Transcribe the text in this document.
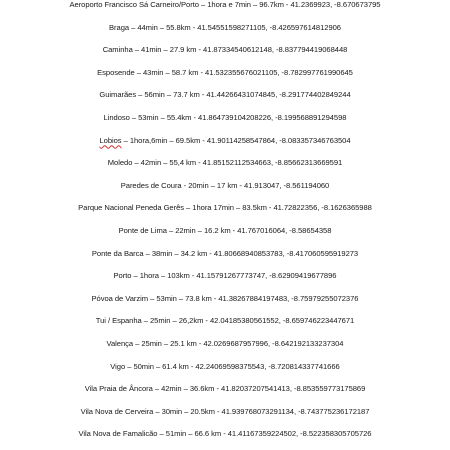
Aeroporto Francisco Sá Carneiro/Porto – 1hora e 7min – 96.7km - 41.2369923, -8.670673795
Braga – 44min – 55.8km - 41.54551598271105, -8.426597614812906
Caminha – 41min – 27.9 km - 41.87334540612148, -8.837794419068448
Esposende – 43min – 58.7 km - 41.532355676021105, -8.782997761990645
Guimarães – 56min – 73.7 km - 41.44266431074845, -8.291774402849244
Lindoso – 53min – 55.4km - 41.864739104208226, -8.199568891294598
Lobios – 1hora,6min – 69.5km - 41.90114258547864, -8.083357346763504
Moledo – 42min – 55,4 km - 41.85152112534663, -8.85662313669591
Paredes de Coura - 20min – 17 km - 41.913047, -8.561194060
Parque Nacional Peneda Gerês – 1hora 17min – 83.5km - 41.72822356, -8.1626365988
Ponte de Lima – 22min – 16.2 km - 41.767016064, -8.58654358
Ponte da Barca – 38min – 34.2 km - 41.80668940853783, -8.417060595919273
Porto – 1hora – 103km - 41.15791267773747, -8.62909419677896
Póvoa de Varzim – 53min – 73.8 km - 41.38267884197483, -8.75979255072376
Tui / Espanha – 25min – 26,2km - 42.04185380561552, -8.659746223447671
Valença – 25min – 25.1 km - 42.0269687957996, -8.642192133237304
Vigo – 50min – 61.4 km - 42.24069598375543, -8.720814337741666
Vila Praia de Âncora – 42min – 36.6km - 41.82037207541413, -8.853559773175869
Vila Nova de Cerveira – 30min – 20.5km - 41.939768073291134, -8.743775236172187
Vila Nova de Famalicão – 51min – 66.6 km - 41.41167359224502, -8.522358305705726
